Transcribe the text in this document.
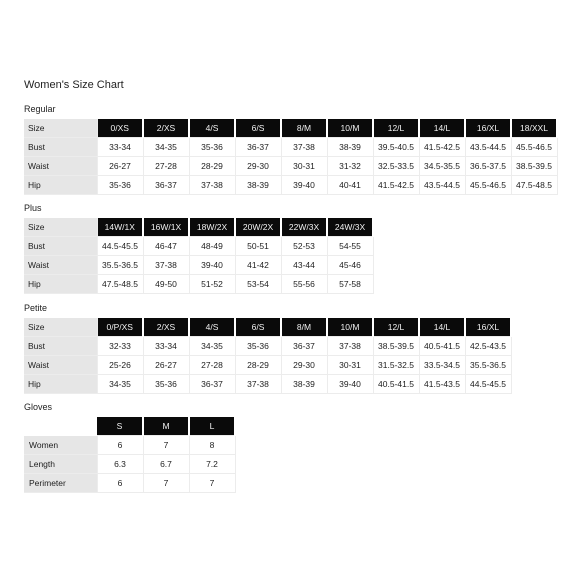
Women's Size Chart
Regular
Size	0/XS	2/XS	4/S	6/S	8/M	10/M	12/L	14/L	16/XL	18/XXL
Bust	33-34	34-35	35-36	36-37	37-38	38-39	39.5-40.5	41.5-42.5	43.5-44.5	45.5-46.5
Waist	26-27	27-28	28-29	29-30	30-31	31-32	32.5-33.5	34.5-35.5	36.5-37.5	38.5-39.5
Hip	35-36	36-37	37-38	38-39	39-40	40-41	41.5-42.5	43.5-44.5	45.5-46.5	47.5-48.5
Plus
Size	14W/1X	16W/1X	18W/2X	20W/2X	22W/3X	24W/3X
Bust	44.5-45.5	46-47	48-49	50-51	52-53	54-55
Waist	35.5-36.5	37-38	39-40	41-42	43-44	45-46
Hip	47.5-48.5	49-50	51-52	53-54	55-56	57-58
Petite
Size	0/P/XS	2/XS	4/S	6/S	8/M	10/M	12/L	14/L	16/XL
Bust	32-33	33-34	34-35	35-36	36-37	37-38	38.5-39.5	40.5-41.5	42.5-43.5
Waist	25-26	26-27	27-28	28-29	29-30	30-31	31.5-32.5	33.5-34.5	35.5-36.5
Hip	34-35	35-36	36-37	37-38	38-39	39-40	40.5-41.5	41.5-43.5	44.5-45.5
Gloves
	S	M	L
Women	6	7	8
Length	6.3	6.7	7.2
Perimeter	6	7	7
